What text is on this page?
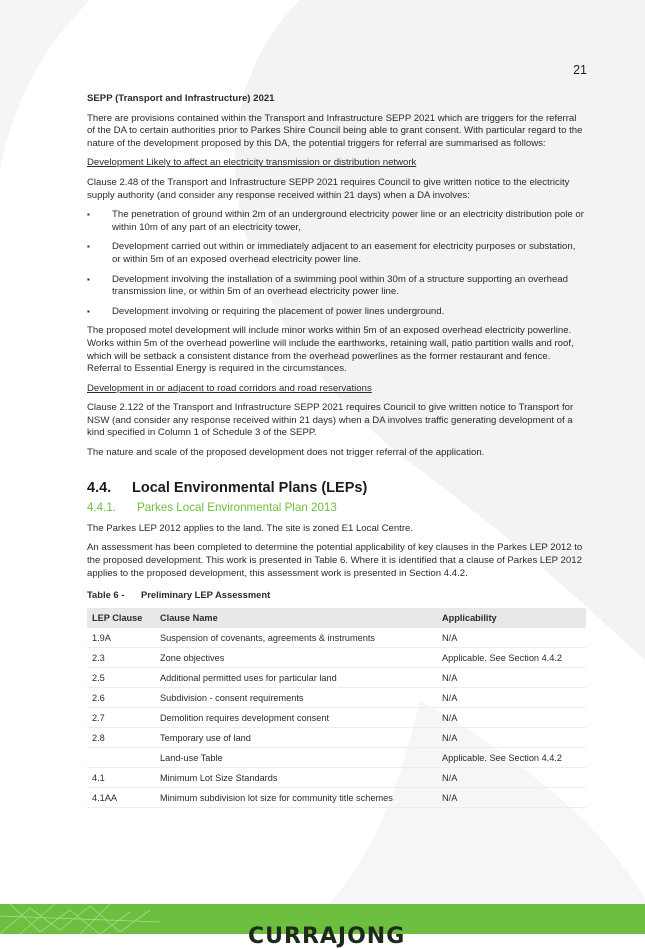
21
SEPP (Transport and Infrastructure) 2021

There are provisions contained within the Transport and Infrastructure SEPP 2021 which are triggers for the referral of the DA to certain authorities prior to Parkes Shire Council being able to grant consent. With particular regard to the nature of the development proposed by this DA, the potential triggers for referral are summarised as follows:

Development Likely to affect an electricity transmission or distribution network

Clause 2.48 of the Transport and Infrastructure SEPP 2021 requires Council to give written notice to the electricity supply authority (and consider any response received within 21 days) when a DA involves:

▪ The penetration of ground within 2m of an underground electricity power line or an electricity distribution pole or within 10m of any part of an electricity tower,
▪ Development carried out within or immediately adjacent to an easement for electricity purposes or substation, or within 5m of an exposed overhead electricity power line.
▪ Development involving the installation of a swimming pool within 30m of a structure supporting an overhead transmission line, or within 5m of an overhead electricity power line.
▪ Development involving or requiring the placement of power lines underground.

The proposed motel development will include minor works within 5m of an exposed overhead electricity powerline. Works within 5m of the overhead powerline will include the earthworks, retaining wall, patio partition walls and roof, which will be setback a consistent distance from the overhead powerlines as the former restaurant and fence. Referral to Essential Energy is required in the circumstances.

Development in or adjacent to road corridors and road reservations

Clause 2.122 of the Transport and Infrastructure SEPP 2021 requires Council to give written notice to Transport for NSW (and consider any response received within 21 days) when a DA involves traffic generating development of a kind specified in Column 1 of Schedule 3 of the SEPP.

The nature and scale of the proposed development does not trigger referral of the application.

4.4.	Local Environmental Plans (LEPs)
4.4.1.	Parkes Local Environmental Plan 2013

The Parkes LEP 2012 applies to the land. The site is zoned E1 Local Centre.

An assessment has been completed to determine the potential applicability of key clauses in the Parkes LEP 2012 to the proposed development. This work is presented in Table 6. Where it is identified that a clause of Parkes LEP 2012 applies to the proposed development, this assessment work is presented in Section 4.4.2.

Table 6 -	Preliminary LEP Assessment
LEP Clause	Clause Name	Applicability
1.9A	Suspension of covenants, agreements & instruments	N/A
2.3	Zone objectives	Applicable. See Section 4.4.2
2.5	Additional permitted uses for particular land	N/A
2.6	Subdivision - consent requirements	N/A
2.7	Demolition requires development consent	N/A
2.8	Temporary use of land	N/A
	Land-use Table	Applicable. See Section 4.4.2
4.1	Minimum Lot Size Standards	N/A
4.1AA	Minimum subdivision lot size for community title schemes	N/A
CURRAJONG
